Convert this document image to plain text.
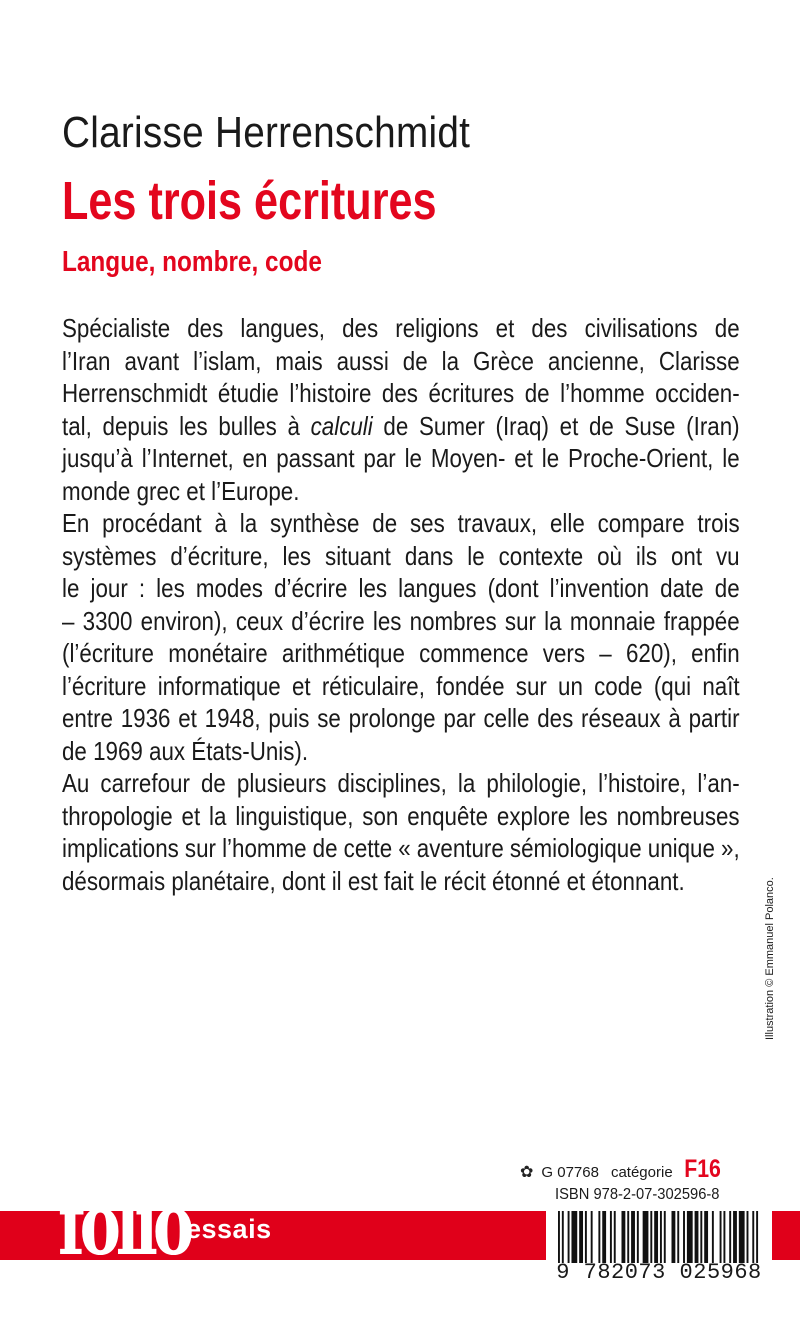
Clarisse Herrenschmidt
Les trois écritures
Langue, nombre, code
Spécialiste des langues, des religions et des civilisations de
l’Iran avant l’islam, mais aussi de la Grèce ancienne, Clarisse
Herrenschmidt étudie l’histoire des écritures de l’homme occiden-
tal, depuis les bulles à calculi de Sumer (Iraq) et de Suse (Iran)
jusqu’à l’Internet, en passant par le Moyen- et le Proche-Orient, le
monde grec et l’Europe.
En procédant à la synthèse de ses travaux, elle compare trois
systèmes d’écriture, les situant dans le contexte où ils ont vu
le jour : les modes d’écrire les langues (dont l’invention date de
– 3300 environ), ceux d’écrire les nombres sur la monnaie frappée
(l’écriture monétaire arithmétique commence vers – 620), enfin
l’écriture informatique et réticulaire, fondée sur un code (qui naît
entre 1936 et 1948, puis se prolonge par celle des réseaux à partir
de 1969 aux États-Unis).
Au carrefour de plusieurs disciplines, la philologie, l’histoire, l’an-
thropologie et la linguistique, son enquête explore les nombreuses
implications sur l’homme de cette « aventure sémiologique unique »,
désormais planétaire, dont il est fait le récit étonné et étonnant.	Illustration © Emmanuel Polanco.
✿ G 07768 catégorie F16
ISBN 978-2-07-302596-8
folio
essais
9 782073 025968
